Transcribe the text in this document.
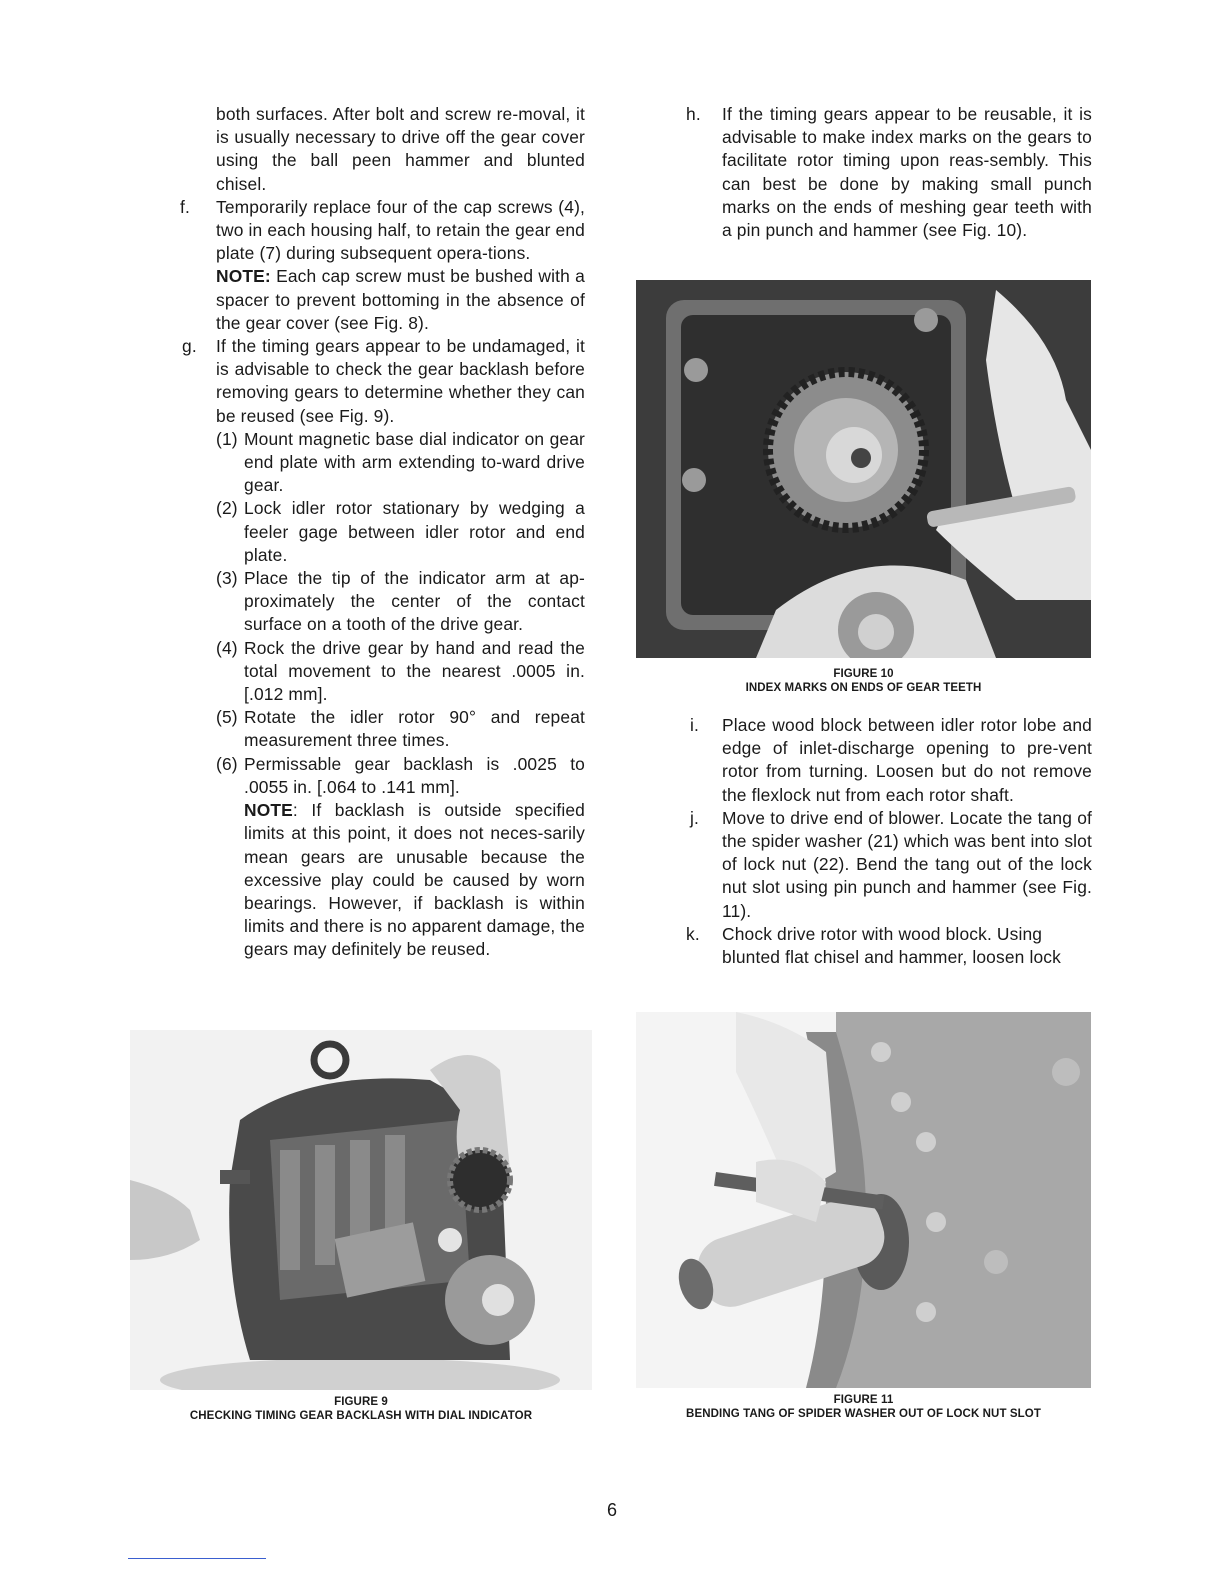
both surfaces. After bolt and screw re-moval, it is usually necessary to drive off the gear cover using the ball peen hammer and blunted chisel.

f. Temporarily replace four of the cap screws (4), two in each housing half, to retain the gear end plate (7) during subsequent opera-tions.

NOTE: Each cap screw must be bushed with a spacer to prevent bottoming in the absence of the gear cover (see Fig. 8).

g. If the timing gears appear to be undamaged, it is advisable to check the gear backlash before removing gears to determine whether they can be reused (see Fig. 9).

(1) Mount magnetic base dial indicator on gear end plate with arm extending to-ward drive gear.

(2) Lock idler rotor stationary by wedging a feeler gage between idler rotor and end plate.

(3) Place the tip of the indicator arm at ap-proximately the center of the contact surface on a tooth of the drive gear.

(4) Rock the drive gear by hand and read the total movement to the nearest .0005 in. [.012 mm].

(5) Rotate the idler rotor 90° and repeat measurement three times.

(6) Permissable gear backlash is .0025 to .0055 in. [.064 to .141 mm].

NOTE: If backlash is outside specified limits at this point, it does not neces-sarily mean gears are unusable because the excessive play could be caused by worn bearings. However, if backlash is within limits and there is no apparent damage, the gears may definitely be reused.

h. If the timing gears appear to be reusable, it is advisable to make index marks on the gears to facilitate rotor timing upon reas-sembly. This can best be done by making small punch marks on the ends of meshing gear teeth with a pin punch and hammer (see Fig. 10).

FIGURE 10
INDEX MARKS ON ENDS OF GEAR TEETH
i. Place wood block between idler rotor lobe and edge of inlet-discharge opening to pre-vent rotor from turning. Loosen but do not remove the flexlock nut from each rotor shaft.

j. Move to drive end of blower. Locate the tang of the spider washer (21) which was bent into slot of lock nut (22). Bend the tang out of the lock nut slot using pin punch and hammer (see Fig. 11).

k. Chock drive rotor with wood block. Using blunted flat chisel and hammer, loosen lock

FIGURE 9
CHECKING TIMING GEAR BACKLASH WITH DIAL INDICATOR
FIGURE 11
BENDING TANG OF SPIDER WASHER OUT OF LOCK NUT SLOT
6
